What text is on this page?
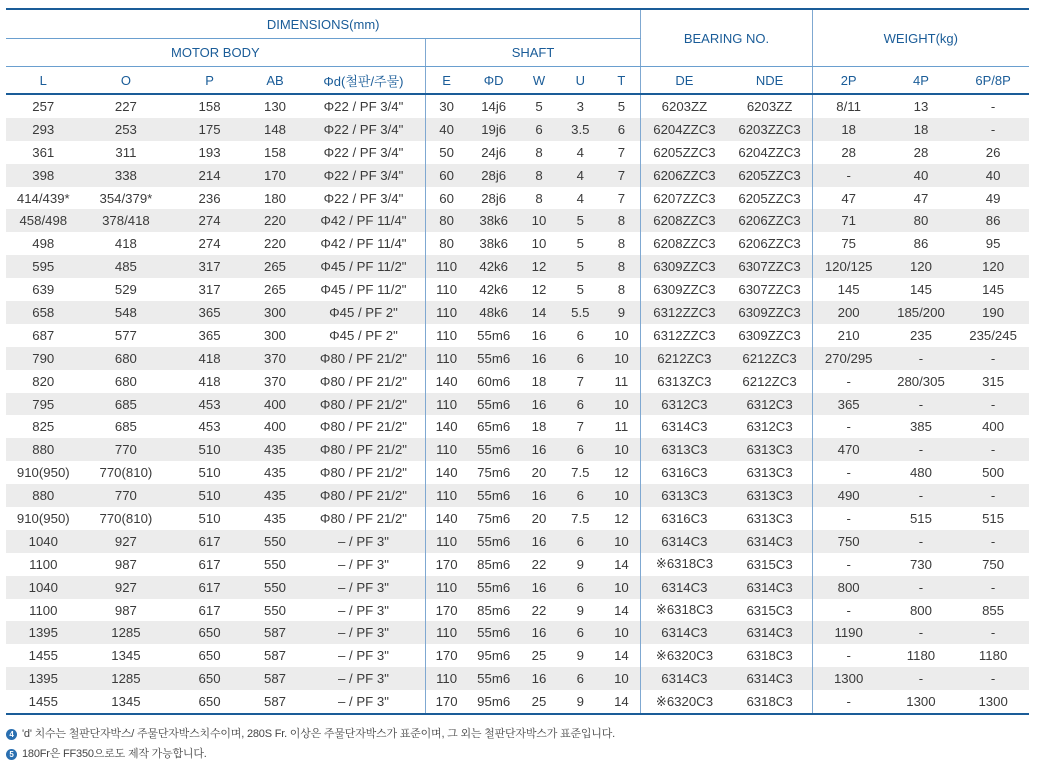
DIMENSIONS(mm)										BEARING NO.		WEIGHT(kg)		
MOTOR BODY					SHAFT									
L	O	P	AB	Φd(철판/주물)	E	ΦD	W	U	T	DE	NDE	2P	4P	6P/8P
257	227	158	130	Φ22 / PF 3/4"	30	14j6	5	3	5	6203ZZ	6203ZZ	8/11	13	-
293	253	175	148	Φ22 / PF 3/4"	40	19j6	6	3.5	6	6204ZZC3	6203ZZC3	18	18	-
361	311	193	158	Φ22 / PF 3/4"	50	24j6	8	4	7	6205ZZC3	6204ZZC3	28	28	26
398	338	214	170	Φ22 / PF 3/4"	60	28j6	8	4	7	6206ZZC3	6205ZZC3	-	40	40
414/439*	354/379*	236	180	Φ22 / PF 3/4"	60	28j6	8	4	7	6207ZZC3	6205ZZC3	47	47	49
458/498	378/418	274	220	Φ42 / PF 11/4"	80	38k6	10	5	8	6208ZZC3	6206ZZC3	71	80	86
498	418	274	220	Φ42 / PF 11/4"	80	38k6	10	5	8	6208ZZC3	6206ZZC3	75	86	95
595	485	317	265	Φ45 / PF 11/2"	110	42k6	12	5	8	6309ZZC3	6307ZZC3	120/125	120	120
639	529	317	265	Φ45 / PF 11/2"	110	42k6	12	5	8	6309ZZC3	6307ZZC3	145	145	145
658	548	365	300	Φ45 / PF 2"	110	48k6	14	5.5	9	6312ZZC3	6309ZZC3	200	185/200	190
687	577	365	300	Φ45 / PF 2"	110	55m6	16	6	10	6312ZZC3	6309ZZC3	210	235	235/245
790	680	418	370	Φ80 / PF 21/2"	110	55m6	16	6	10	6212ZC3	6212ZC3	270/295	-	-
820	680	418	370	Φ80 / PF 21/2"	140	60m6	18	7	11	6313ZC3	6212ZC3	-	280/305	315
795	685	453	400	Φ80 / PF 21/2"	110	55m6	16	6	10	6312C3	6312C3	365	-	-
825	685	453	400	Φ80 / PF 21/2"	140	65m6	18	7	11	6314C3	6312C3	-	385	400
880	770	510	435	Φ80 / PF 21/2"	110	55m6	16	6	10	6313C3	6313C3	470	-	-
910(950)	770(810)	510	435	Φ80 / PF 21/2"	140	75m6	20	7.5	12	6316C3	6313C3	-	480	500
880	770	510	435	Φ80 / PF 21/2"	110	55m6	16	6	10	6313C3	6313C3	490	-	-
910(950)	770(810)	510	435	Φ80 / PF 21/2"	140	75m6	20	7.5	12	6316C3	6313C3	-	515	515
1040	927	617	550	– / PF 3"	110	55m6	16	6	10	6314C3	6314C3	750	-	-
1100	987	617	550	– / PF 3"	170	85m6	22	9	14	※6318C3	6315C3	-	730	750
1040	927	617	550	– / PF 3"	110	55m6	16	6	10	6314C3	6314C3	800	-	-
1100	987	617	550	– / PF 3"	170	85m6	22	9	14	※6318C3	6315C3	-	800	855
1395	1285	650	587	– / PF 3"	110	55m6	16	6	10	6314C3	6314C3	1190	-	-
1455	1345	650	587	– / PF 3"	170	95m6	25	9	14	※6320C3	6318C3	-	1180	1180
1395	1285	650	587	– / PF 3"	110	55m6	16	6	10	6314C3	6314C3	1300	-	-
1455	1345	650	587	– / PF 3"	170	95m6	25	9	14	※6320C3	6318C3	-	1300	1300
4 'd' 치수는 철판단자박스/ 주물단자박스치수이며, 280S Fr. 이상은 주물단자박스가 표준이며, 그 외는 철판단자박스가 표준입니다.
5 180Fr은 FF350으로도 제작 가능합니다.
